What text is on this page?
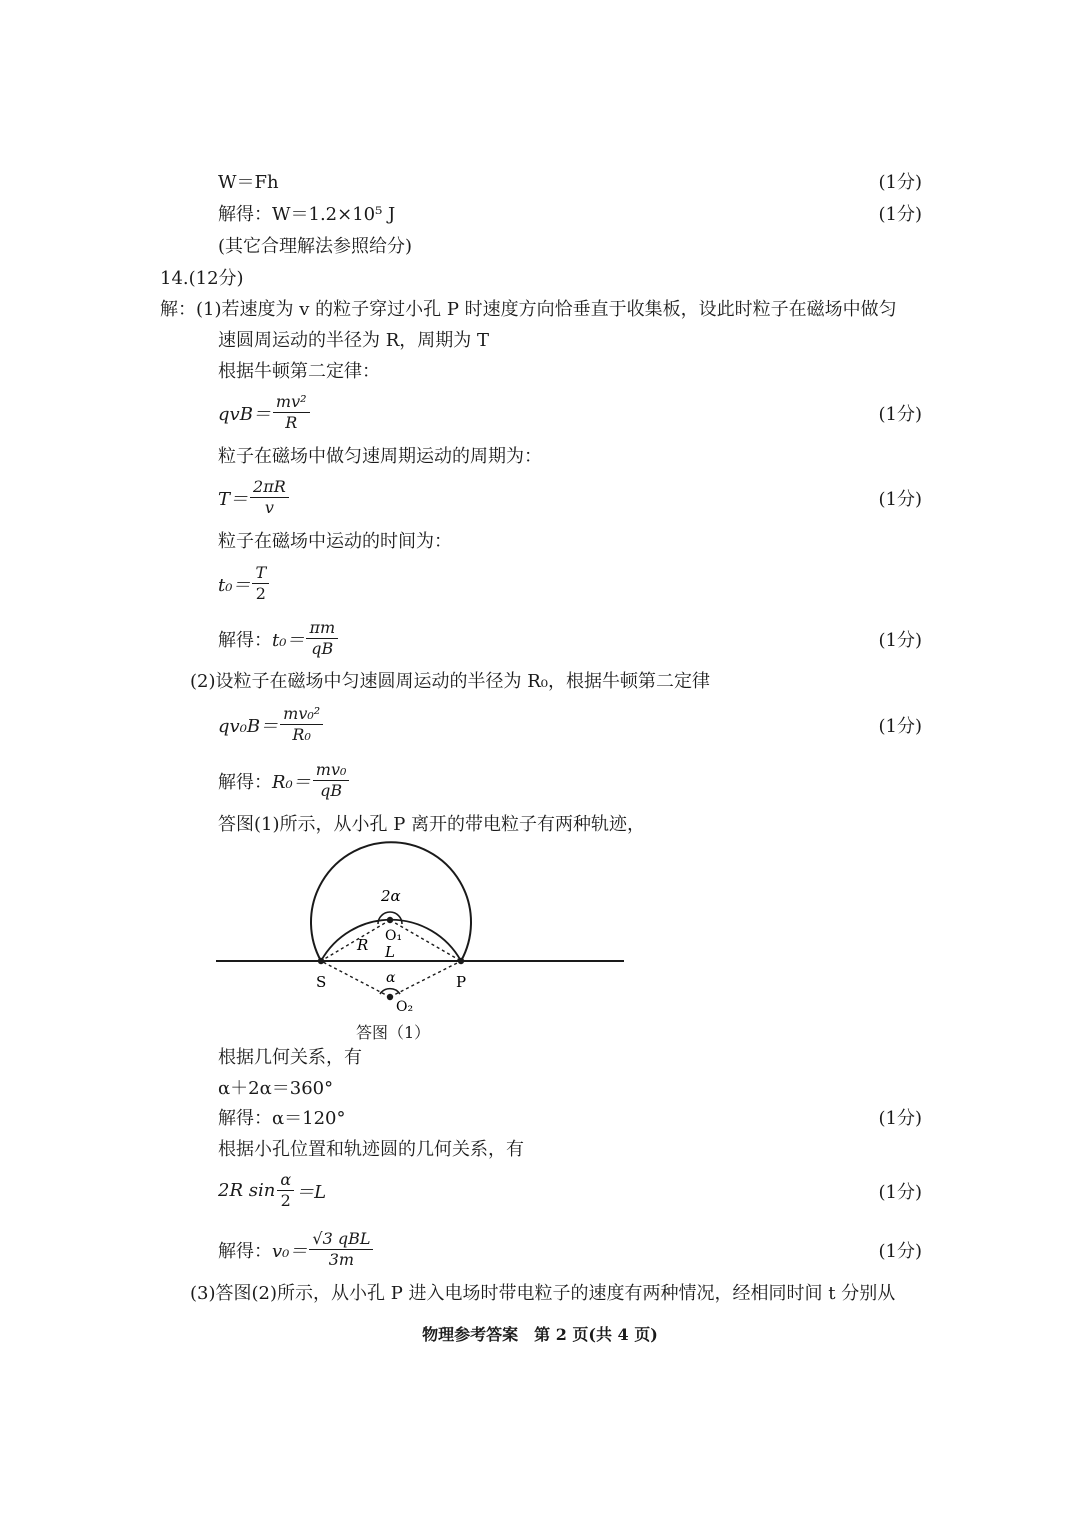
W＝Fh	(1分)
解得：W＝1.2×10⁵ J	(1分)
(其它合理解法参照给分)
14.(12分)
解：(1)若速度为 v 的粒子穿过小孔 P 时速度方向恰垂直于收集板，设此时粒子在磁场中做匀
速圆周运动的半径为 R，周期为 T
根据牛顿第二定律：
$qvB= \frac{\text{mv²}}{R}$	(1分)
粒子在磁场中做匀速周期运动的周期为：
$T= \frac{2\pi R}{v}$	(1分)
粒子在磁场中运动的时间为：
$t_0= \frac{T}{2}$
解得： $t_0= \frac{\pi m}{qB}$	(1分)
(2)设粒子在磁场中匀速圆周运动的半径为 R₀，根据牛顿第二定律
$qv_0B= \frac{\text{mv₀²}}{\text{R₀}}$	(1分)
解得： $R_0= \frac{\text{mv₀}}{qB}$
答图(1)所示，从小孔 P 离开的带电粒子有两种轨迹，
2α
O₁
R L
S	P
α
O₂
答图（1）
根据几何关系，有
α＋2α＝360°
解得：α＝120°	(1分)
根据小孔位置和轨迹圆的几何关系，有
2R $\sin \frac{\alpha}{2} =L$	(1分)
解得： $v_0= \frac{\text{√3 qBL}}{3m}$	(1分)
(3)答图(2)所示，从小孔 P 进入电场时带电粒子的速度有两种情况，经相同时间 t 分别从
物理参考答案　第 2 页(共 4 页)
